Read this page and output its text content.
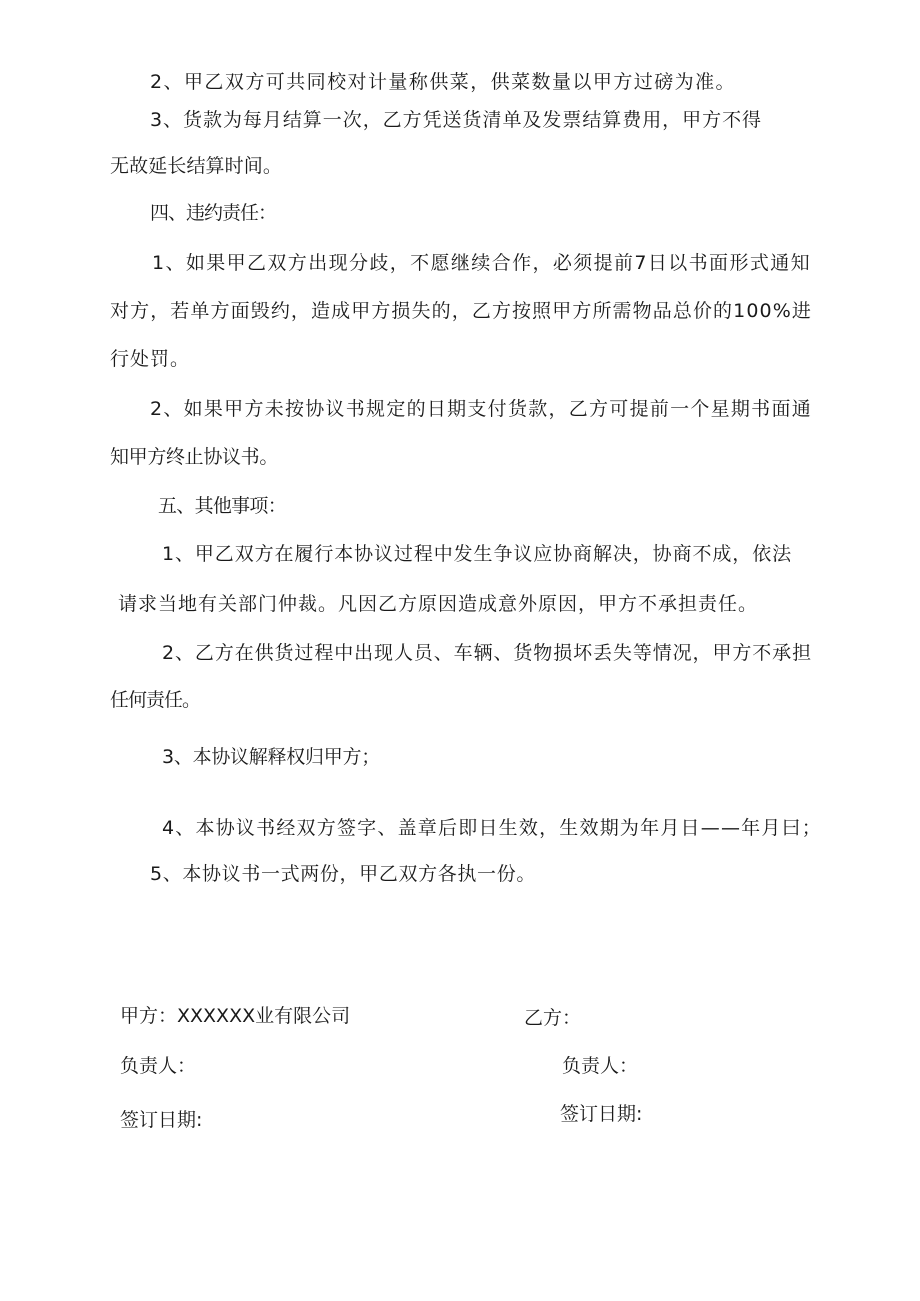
2、甲乙双方可共同校对计量称供菜，供菜数量以甲方过磅为准。
3、货款为每月结算一次，乙方凭送货清单及发票结算费用，甲方不得
无故延长结算时间。
四、违约责任：
1、如果甲乙双方出现分歧，不愿继续合作，必须提前7日以书面形式通知
对方，若单方面毁约，造成甲方损失的，乙方按照甲方所需物品总价的100%进
行处罚。
2、如果甲方未按协议书规定的日期支付货款，乙方可提前一个星期书面通
知甲方终止协议书。
五、其他事项：
1、甲乙双方在履行本协议过程中发生争议应协商解决，协商不成，依法
请求当地有关部门仲裁。凡因乙方原因造成意外原因，甲方不承担责任。
2、乙方在供货过程中出现人员、车辆、货物损坏丢失等情况，甲方不承担
任何责任。
3、本协议解释权归甲方；
4、本协议书经双方签字、盖章后即日生效，生效期为年月日——年月曰；
5、本协议书一式两份，甲乙双方各执一份。
甲方：XXXXXX业有限公司	乙方：
负责人：	负责人：
签订日期:	签订日期:
